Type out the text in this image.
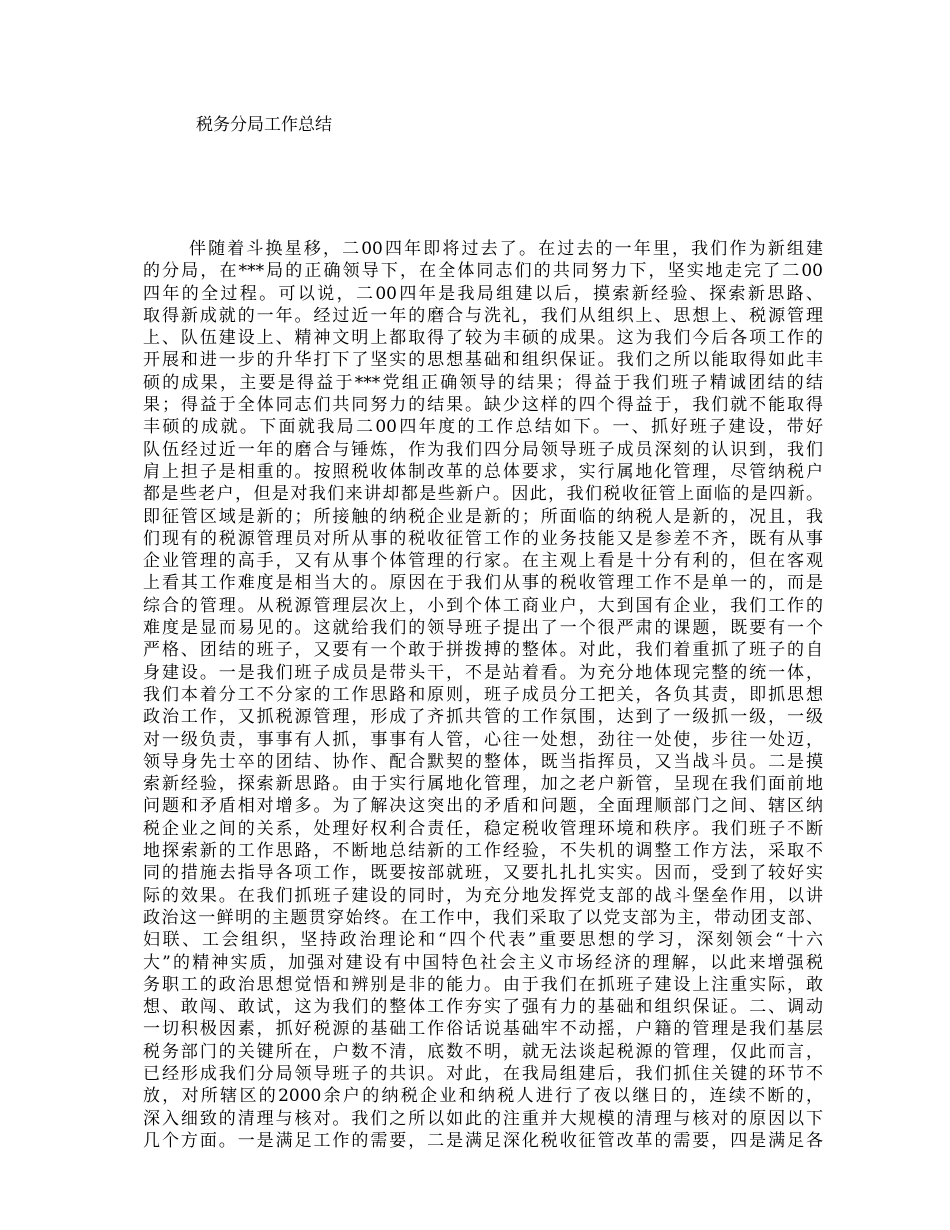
税务分局工作总结
伴随着斗换星移，二00四年即将过去了。在过去的一年里，我们作为新组建
的分局，在***局的正确领导下，在全体同志们的共同努力下，坚实地走完了二00
四年的全过程。可以说，二00四年是我局组建以后，摸索新经验、探索新思路、
取得新成就的一年。经过近一年的磨合与洗礼，我们从组织上、思想上、税源管理
上、队伍建设上、精神文明上都取得了较为丰硕的成果。这为我们今后各项工作的
开展和进一步的升华打下了坚实的思想基础和组织保证。我们之所以能取得如此丰
硕的成果，主要是得益于***党组正确领导的结果；得益于我们班子精诚团结的结
果；得益于全体同志们共同努力的结果。缺少这样的四个得益于，我们就不能取得
丰硕的成就。下面就我局二00四年度的工作总结如下。一、抓好班子建设，带好
队伍经过近一年的磨合与锤炼，作为我们四分局领导班子成员深刻的认识到，我们
肩上担子是相重的。按照税收体制改革的总体要求，实行属地化管理，尽管纳税户
都是些老户，但是对我们来讲却都是些新户。因此，我们税收征管上面临的是四新。
即征管区域是新的；所接触的纳税企业是新的；所面临的纳税人是新的，况且，我
们现有的税源管理员对所从事的税收征管工作的业务技能又是参差不齐，既有从事
企业管理的高手，又有从事个体管理的行家。在主观上看是十分有利的，但在客观
上看其工作难度是相当大的。原因在于我们从事的税收管理工作不是单一的，而是
综合的管理。从税源管理层次上，小到个体工商业户，大到国有企业，我们工作的
难度是显而易见的。这就给我们的领导班子提出了一个很严肃的课题，既要有一个
严格、团结的班子，又要有一个敢于拼拨搏的整体。对此，我们着重抓了班子的自
身建设。一是我们班子成员是带头干，不是站着看。为充分地体现完整的统一体，
我们本着分工不分家的工作思路和原则，班子成员分工把关，各负其责，即抓思想
政治工作，又抓税源管理，形成了齐抓共管的工作氛围，达到了一级抓一级，一级
对一级负责，事事有人抓，事事有人管，心往一处想，劲往一处使，步往一处迈，
领导身先士卒的团结、协作、配合默契的整体，既当指挥员，又当战斗员。二是摸
索新经验，探索新思路。由于实行属地化管理，加之老户新管，呈现在我们面前地
问题和矛盾相对增多。为了解决这突出的矛盾和问题，全面理顺部门之间、辖区纳
税企业之间的关系，处理好权利合责任，稳定税收管理环境和秩序。我们班子不断
地探索新的工作思路，不断地总结新的工作经验，不失机的调整工作方法，采取不
同的措施去指导各项工作，既要按部就班，又要扎扎扎实实。因而，受到了较好实
际的效果。在我们抓班子建设的同时，为充分地发挥党支部的战斗堡垒作用，以讲
政治这一鲜明的主题贯穿始终。在工作中，我们采取了以党支部为主，带动团支部、
妇联、工会组织，坚持政治理论和“四个代表”重要思想的学习，深刻领会“十六
大”的精神实质，加强对建设有中国特色社会主义市场经济的理解，以此来增强税
务职工的政治思想觉悟和辨别是非的能力。由于我们在抓班子建设上注重实际，敢
想、敢闯、敢试，这为我们的整体工作夯实了强有力的基础和组织保证。二、调动
一切积极因素，抓好税源的基础工作俗话说基础牢不动摇，户籍的管理是我们基层
税务部门的关键所在，户数不清，底数不明，就无法谈起税源的管理，仅此而言，
已经形成我们分局领导班子的共识。对此，在我局组建后，我们抓住关键的环节不
放，对所辖区的2000余户的纳税企业和纳税人进行了夜以继日的，连续不断的，
深入细致的清理与核对。我们之所以如此的注重并大规模的清理与核对的原因以下
几个方面。一是满足工作的需要，二是满足深化税收征管改革的需要，四是满足各
